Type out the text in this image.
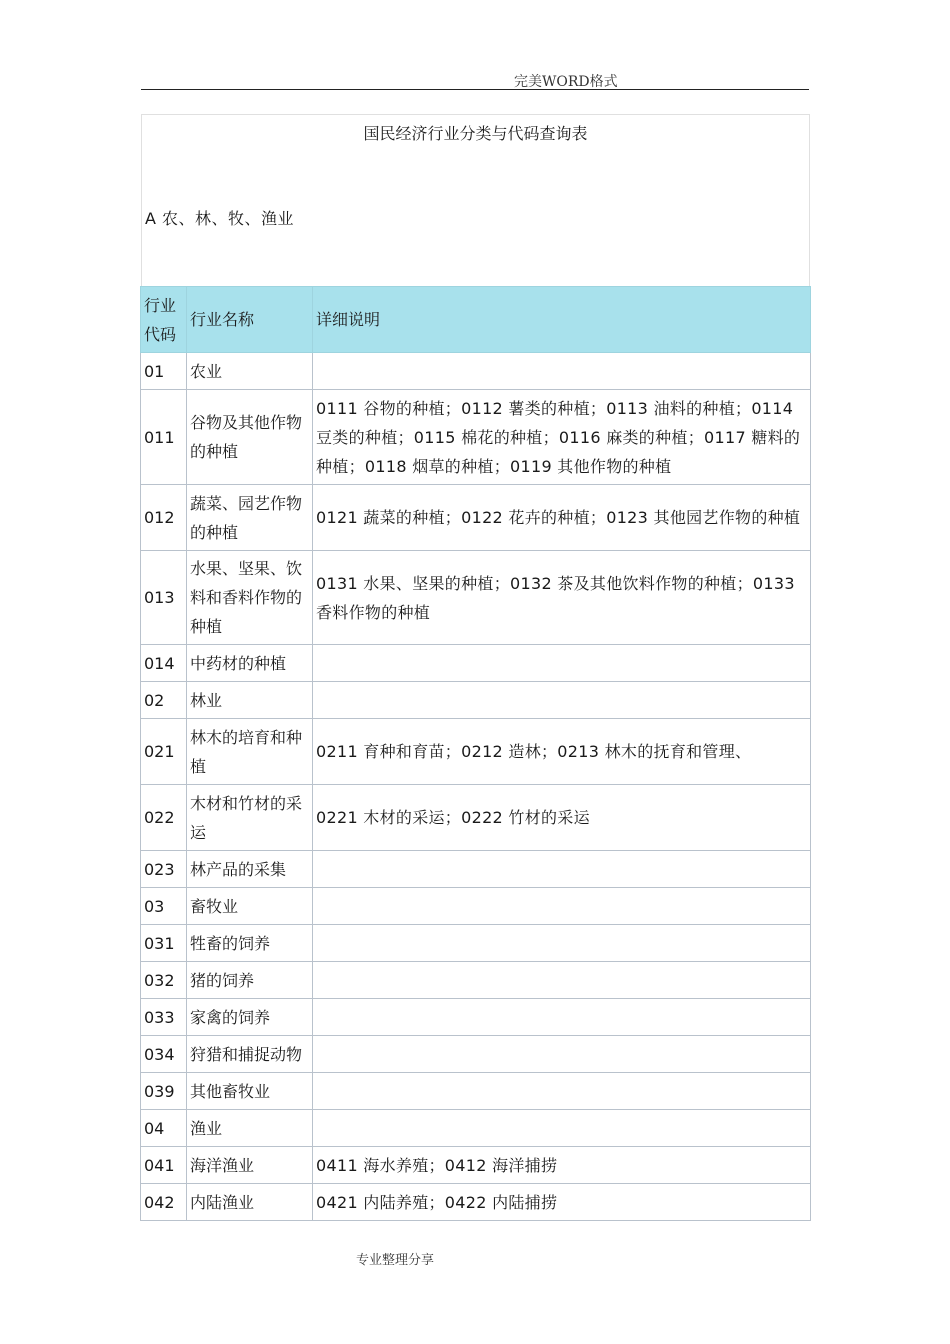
完美WORD格式
国民经济行业分类与代码查询表
A 农、林、牧、渔业
行业代码	行业名称	详细说明
01	农业	
011	谷物及其他作物的种植	0111 谷物的种植；0112 薯类的种植；0113 油料的种植；0114 豆类的种植；0115 棉花的种植；0116 麻类的种植；0117 糖料的种植；0118 烟草的种植；0119 其他作物的种植
012	蔬菜、园艺作物的种植	0121 蔬菜的种植；0122 花卉的种植；0123 其他园艺作物的种植
013	水果、坚果、饮料和香料作物的种植	0131 水果、坚果的种植；0132 茶及其他饮料作物的种植；0133 香料作物的种植
014	中药材的种植	
02	林业	
021	林木的培育和种植	0211 育种和育苗；0212 造林；0213 林木的抚育和管理、
022	木材和竹材的采运	0221 木材的采运；0222 竹材的采运
023	林产品的采集	
03	畜牧业	
031	牲畜的饲养	
032	猪的饲养	
033	家禽的饲养	
034	狩猎和捕捉动物	
039	其他畜牧业	
04	渔业	
041	海洋渔业	0411 海水养殖；0412 海洋捕捞
042	内陆渔业	0421 内陆养殖；0422 内陆捕捞
专业整理分享
